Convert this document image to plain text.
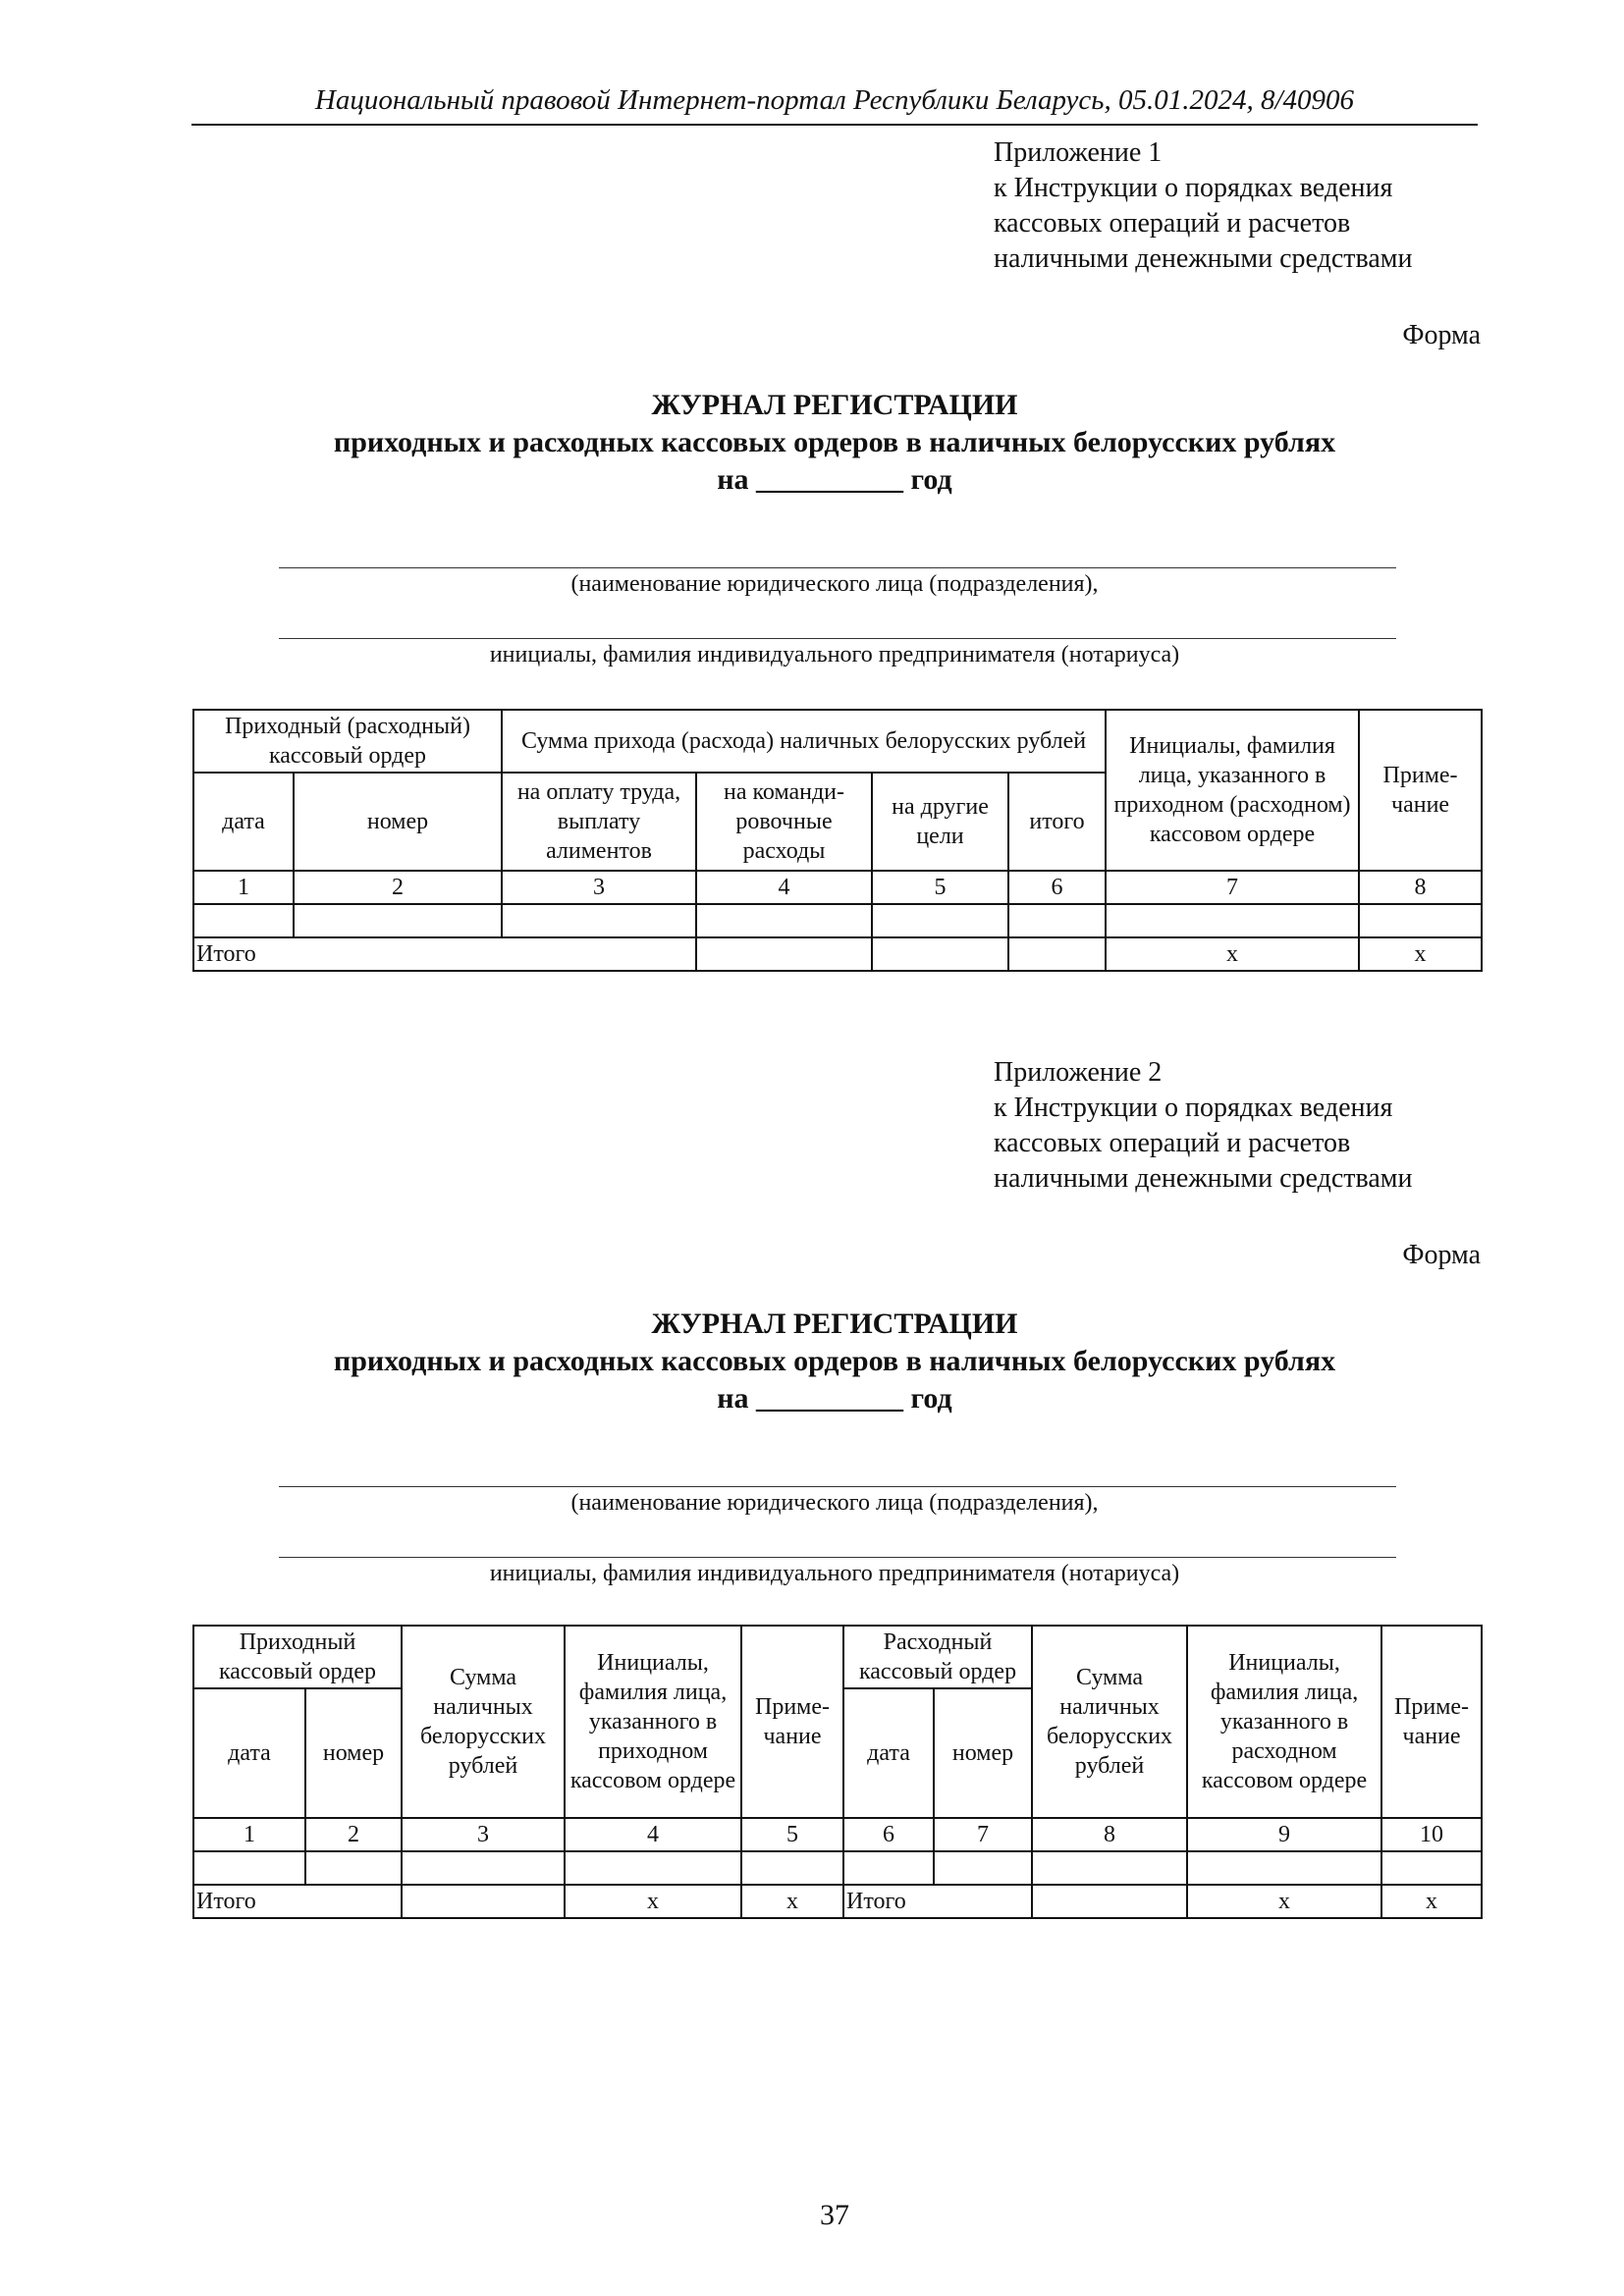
Национальный правовой Интернет-портал Республики Беларусь, 05.01.2024, 8/40906
Приложение 1
к Инструкции о порядках ведения
кассовых операций и расчетов
наличными денежными средствами
Форма
ЖУРНАЛ РЕГИСТРАЦИИ
приходных и расходных кассовых ордеров в наличных белорусских рублях
на __________ год
(наименование юридического лица (подразделения),
инициалы, фамилия индивидуального предпринимателя (нотариуса)
Приходный (расходный) кассовый ордер		Сумма прихода (расхода) наличных белорусских рублей				Инициалы, фамилия лица, указанного в приходном (расходном) кассовом ордере	Приме-чание
дата	номер	на оплату труда, выплату алиментов	на команди-ровочные расходы	на другие цели	итого		
1	2	3	4	5	6	7	8

Итого						x	x
Приложение 2
к Инструкции о порядках ведения
кассовых операций и расчетов
наличными денежными средствами
Форма
ЖУРНАЛ РЕГИСТРАЦИИ
приходных и расходных кассовых ордеров в наличных белорусских рублях
на __________ год
(наименование юридического лица (подразделения),
инициалы, фамилия индивидуального предпринимателя (нотариуса)
Приходный кассовый ордер		Сумма наличных белорусских рублей	Инициалы, фамилия лица, указанного в приходном кассовом ордере	Приме-чание	Расходный кассовый ордер		Сумма наличных белорусских рублей	Инициалы, фамилия лица, указанного в расходном кассовом ордере	Приме-чание
дата	номер				дата	номер			
1	2	3	4	5	6	7	8	9	10

Итого			x	x	Итого			x	x
37
